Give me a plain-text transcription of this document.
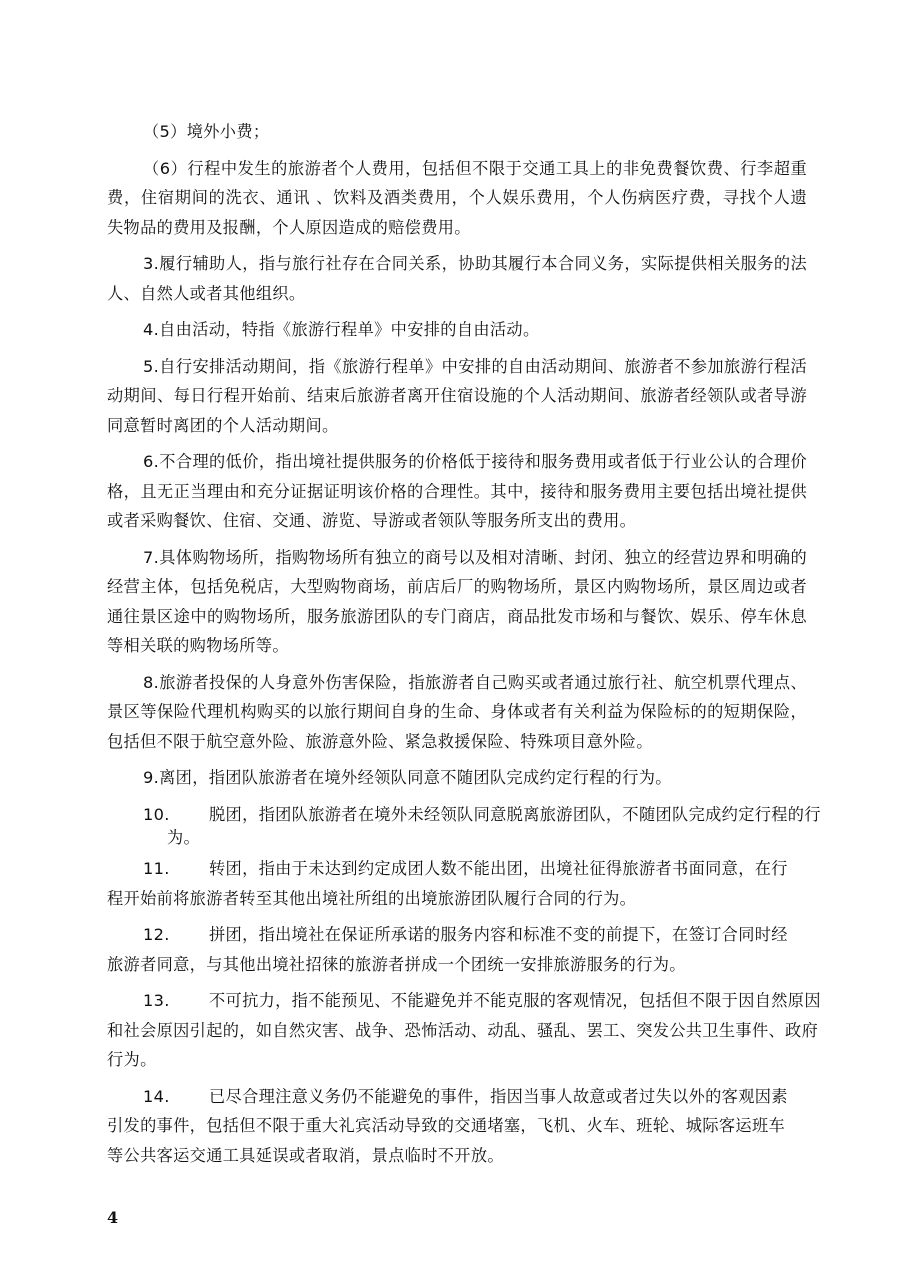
（5）境外小费；

（6）行程中发生的旅游者个人费用，包括但不限于交通工具上的非免费餐饮费、行李超重费，住宿期间的洗衣、通讯 、饮料及酒类费用，个人娱乐费用，个人伤病医疗费，寻找个人遗失物品的费用及报酬，个人原因造成的赔偿费用。

3.履行辅助人，指与旅行社存在合同关系，协助其履行本合同义务，实际提供相关服务的法人、自然人或者其他组织。

4.自由活动，特指《旅游行程单》中安排的自由活动。

5.自行安排活动期间，指《旅游行程单》中安排的自由活动期间、旅游者不参加旅游行程活动期间、每日行程开始前、结束后旅游者离开住宿设施的个人活动期间、旅游者经领队或者导游同意暂时离团的个人活动期间。

6.不合理的低价，指出境社提供服务的价格低于接待和服务费用或者低于行业公认的合理价格，且无正当理由和充分证据证明该价格的合理性。其中，接待和服务费用主要包括出境社提供或者采购餐饮、住宿、交通、游览、导游或者领队等服务所支出的费用。

7.具体购物场所，指购物场所有独立的商号以及相对清晰、封闭、独立的经营边界和明确的经营主体，包括免税店，大型购物商场，前店后厂的购物场所，景区内购物场所，景区周边或者通往景区途中的购物场所，服务旅游团队的专门商店，商品批发市场和与餐饮、娱乐、停车休息等相关联的购物场所等。

8.旅游者投保的人身意外伤害保险，指旅游者自己购买或者通过旅行社、航空机票代理点、景区等保险代理机构购买的以旅行期间自身的生命、身体或者有关利益为保险标的的短期保险，包括但不限于航空意外险、旅游意外险、紧急救援保险、特殊项目意外险。

9.离团，指团队旅游者在境外经领队同意不随团队完成约定行程的行为。

10.	脱团，指团队旅游者在境外未经领队同意脱离旅游团队，不随团队完成约定行程的行
为。
11.	转团，指由于未达到约定成团人数不能出团，出境社征得旅游者书面同意，在行
程开始前将旅游者转至其他出境社所组的出境旅游团队履行合同的行为。
12.	拼团，指出境社在保证所承诺的服务内容和标准不变的前提下，在签订合同时经
旅游者同意，与其他出境社招徕的旅游者拼成一个团统一安排旅游服务的行为。
13.	不可抗力，指不能预见、不能避免并不能克服的客观情况，包括但不限于因自然原因
和社会原因引起的，如自然灾害、战争、恐怖活动、动乱、骚乱、罢工、突发公共卫生事件、政府
行为。
14.	已尽合理注意义务仍不能避免的事件，指因当事人故意或者过失以外的客观因素
引发的事件，包括但不限于重大礼宾活动导致的交通堵塞，飞机、火车、班轮、城际客运班车
等公共客运交通工具延误或者取消，景点临时不开放。
4
